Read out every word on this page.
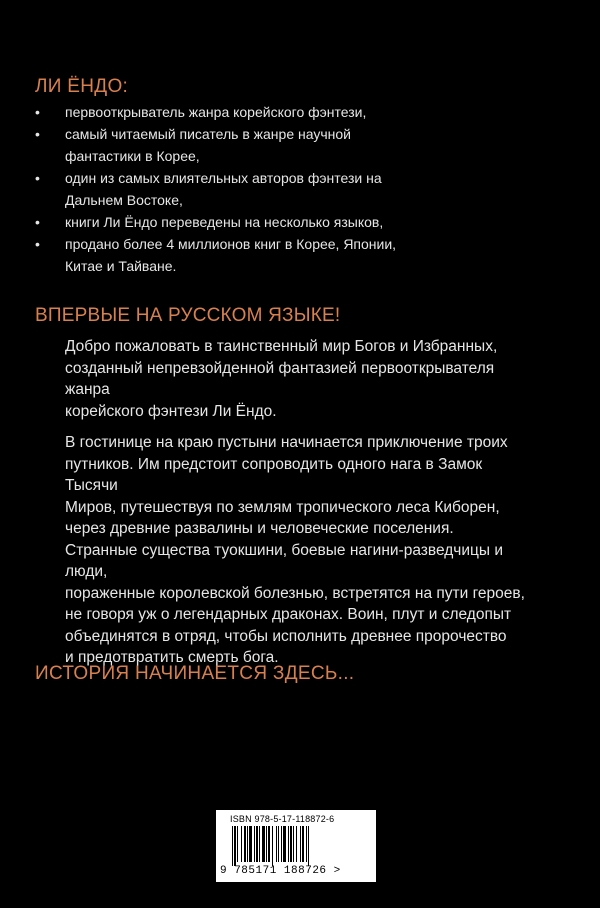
ЛИ ЁНДО:
• первооткрыватель жанра корейского фэнтези,
• самый читаемый писатель в жанре научной
фантастики в Корее,
• один из самых влиятельных авторов фэнтези на
Дальнем Востоке,
• книги Ли Ёндо переведены на несколько языков,
• продано более 4 миллионов книг в Корее, Японии,
Китае и Тайване.
ВПЕРВЫЕ НА РУССКОМ ЯЗЫКЕ!

Добро пожаловать в таинственный мир Богов и Избранных,
созданный непревзойденной фантазией первооткрывателя жанра
корейского фэнтези Ли Ёндо.

В гостинице на краю пустыни начинается приключение троих
путников. Им предстоит сопроводить одного нага в Замок Тысячи
Миров, путешествуя по землям тропического леса Киборен,
через древние развалины и человеческие поселения.
Странные существа туокшини, боевые нагини-разведчицы и люди,
пораженные королевской болезнью, встретятся на пути героев,
не говоря уж о легендарных драконах. Воин, плут и следопыт
объединятся в отряд, чтобы исполнить древнее пророчество
и предотвратить смерть бога.

ИСТОРИЯ НАЧИНАЕТСЯ ЗДЕСЬ...
ISBN 978-5-17-118872-6
9 785171 188726 >
